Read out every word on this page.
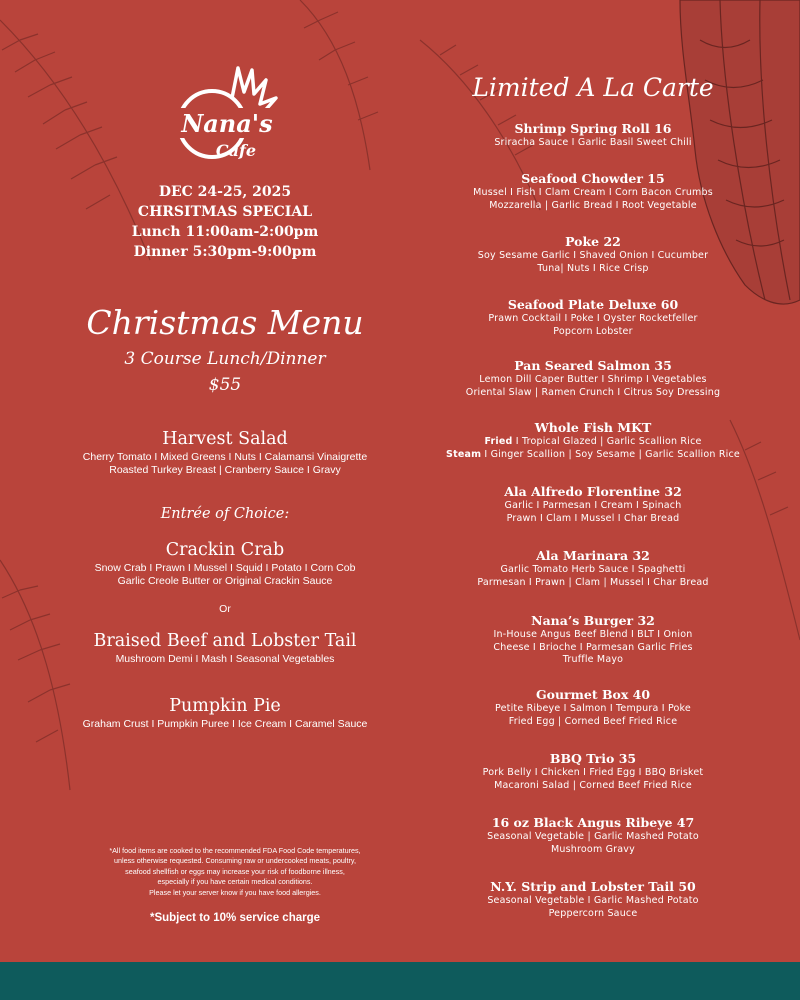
Nana's
Cafe
DEC 24-25, 2025
CHRSITMAS SPECIAL
Lunch 11:00am-2:00pm
Dinner 5:30pm-9:00pm
Christmas Menu
3 Course Lunch/Dinner
$55
Harvest Salad
Cherry Tomato I Mixed Greens I Nuts I Calamansi Vinaigrette
Roasted Turkey Breast | Cranberry Sauce I Gravy
Entrée of Choice:
Crackin Crab
Snow Crab I Prawn I Mussel I Squid I Potato I Corn Cob
Garlic Creole Butter or Original Crackin Sauce
Or
Braised Beef and Lobster Tail
Mushroom Demi I Mash I Seasonal Vegetables
Pumpkin Pie
Graham Crust I Pumpkin Puree I Ice Cream I Caramel Sauce
*All food items are cooked to the recommended FDA Food Code temperatures,
unless otherwise requested. Consuming raw or undercooked meats, poultry,
seafood shellfish or eggs may increase your risk of foodborne illness,
especially if you have certain medical conditions.
Please let your server know if you have food allergies.
*Subject to 10% service charge
Limited A La Carte
Shrimp Spring Roll 16
Sriracha Sauce I Garlic Basil Sweet Chili
Seafood Chowder 15
Mussel I Fish I Clam Cream I Corn Bacon Crumbs
Mozzarella | Garlic Bread I Root Vegetable
Poke 22
Soy Sesame Garlic I Shaved Onion I Cucumber
Tuna| Nuts I Rice Crisp
Seafood Plate Deluxe 60
Prawn Cocktail I Poke I Oyster Rocketfeller
Popcorn Lobster
Pan Seared Salmon 35
Lemon Dill Caper Butter I Shrimp I Vegetables
Oriental Slaw | Ramen Crunch I Citrus Soy Dressing
Whole Fish MKT
Fried I Tropical Glazed | Garlic Scallion Rice
Steam I Ginger Scallion | Soy Sesame | Garlic Scallion Rice
Ala Alfredo Florentine 32
Garlic I Parmesan I Cream I Spinach
Prawn I Clam I Mussel I Char Bread
Ala Marinara 32
Garlic Tomato Herb Sauce I Spaghetti
Parmesan I Prawn | Clam | Mussel I Char Bread
Nana’s Burger 32
In-House Angus Beef Blend I BLT I Onion
Cheese I Brioche I Parmesan Garlic Fries
Truffle Mayo
Gourmet Box 40
Petite Ribeye I Salmon I Tempura I Poke
Fried Egg | Corned Beef Fried Rice
BBQ Trio 35
Pork Belly I Chicken I Fried Egg I BBQ Brisket
Macaroni Salad | Corned Beef Fried Rice
16 oz Black Angus Ribeye 47
Seasonal Vegetable | Garlic Mashed Potato
Mushroom Gravy
N.Y. Strip and Lobster Tail 50
Seasonal Vegetable I Garlic Mashed Potato
Peppercorn Sauce
